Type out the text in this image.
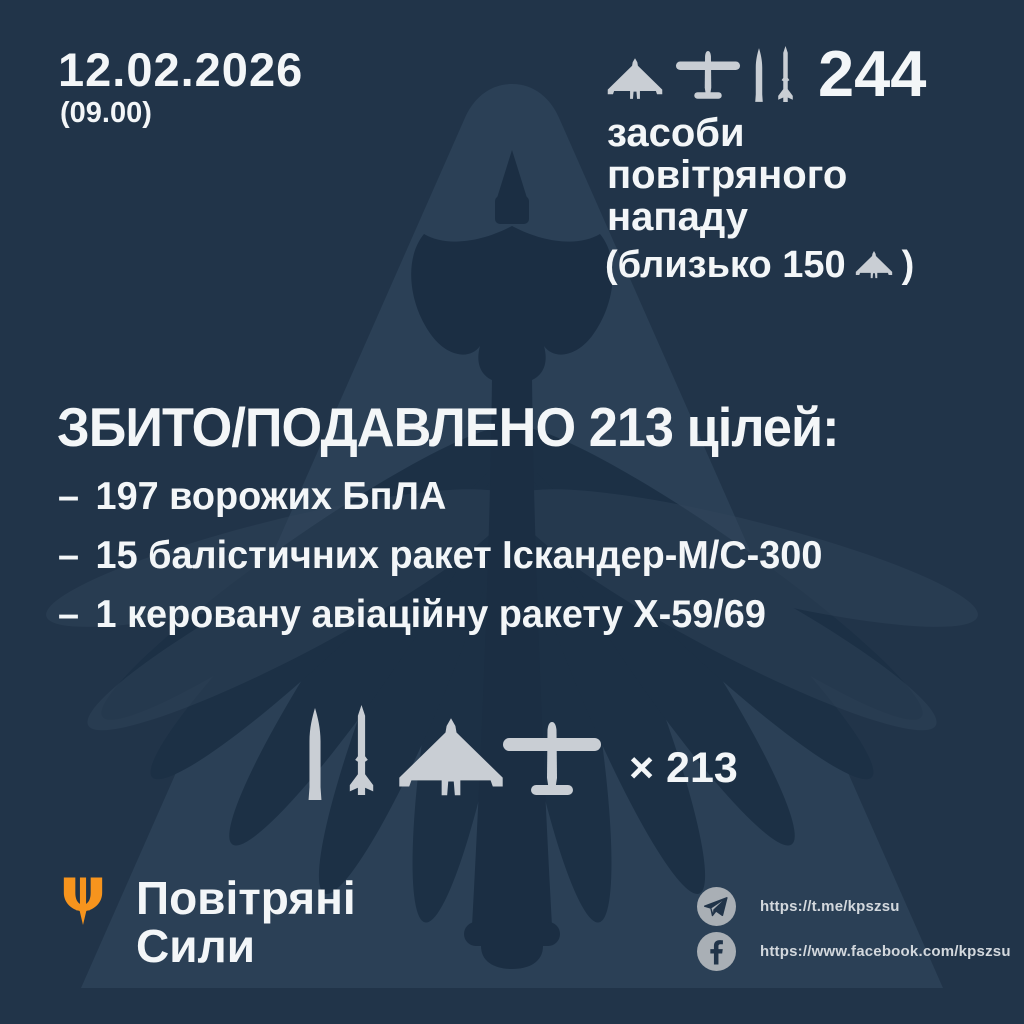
12.02.2026
(09.00)
244
засоби
повітряного
нападу
(близько 150 )
ЗБИТО/ПОДАВЛЕНО 213 цілей:
– 197 ворожих БпЛА
– 15 балістичних ракет Іскандер-М/С-300
– 1 керовану авіаційну ракету Х-59/69
× 213
Повітряні
Сили
https://t.me/kpszsu
https://www.facebook.com/kpszsu
